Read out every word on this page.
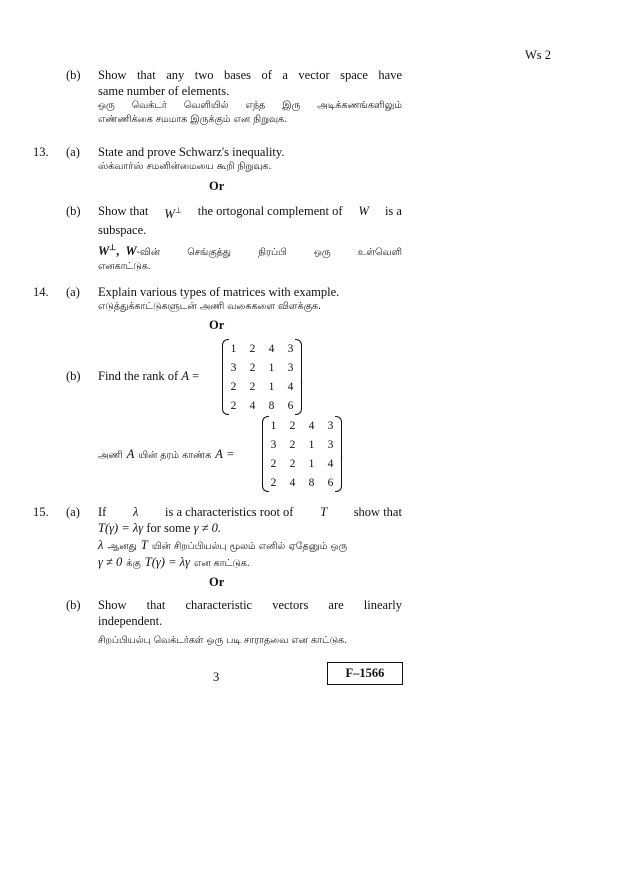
Ws 2
(b) Show that any two bases of a vector space have
same number of elements.
ஒரு வெக்டர் வெளியில் எந்த இரு அடிக்கணங்களிலும்
எண்ணிக்கை சமமாக இருக்கும் என நிறுவுக.
13. (a) State and prove Schwarz's inequality.
ஸ்க்வார்ஸ் சமனின்மையை கூறி நிறுவுக.
Or
(b) Show that W⊥ the ortogonal complement of W is a
subspace.
W⊥,  W -வின் செங்குத்து நிரப்பி ஒரு உள்வெளி
எனகாட்டுக.
14. (a) Explain various types of matrices with example.
எடுத்துக்காட்டுகளுடன் அணி வகைகளை விளக்குக.
Or
(b) Find the rank of A =
1	2	4	3
3	2	1	3
2	2	1	4
2	4	8	6
.
அணி A யின் தரம் காண்க A =
1	2	4	3
3	2	1	3
2	2	1	4
2	4	8	6
.
15. (a) If λ is a characteristics root of T show that
T(γ) = λγ for some γ ≠ 0.
λ ஆனது T யின் சிறப்பியல்பு மூலம் எனில் ஏதேனும் ஒரு
γ ≠ 0 க்கு T(γ) = λγ என காட்டுக.
Or
(b) Show that characteristic vectors are linearly
independent.
சிறப்பியல்பு வெக்டர்கள் ஒரு படி சாராதவை என காட்டுக.
3	F–1566
